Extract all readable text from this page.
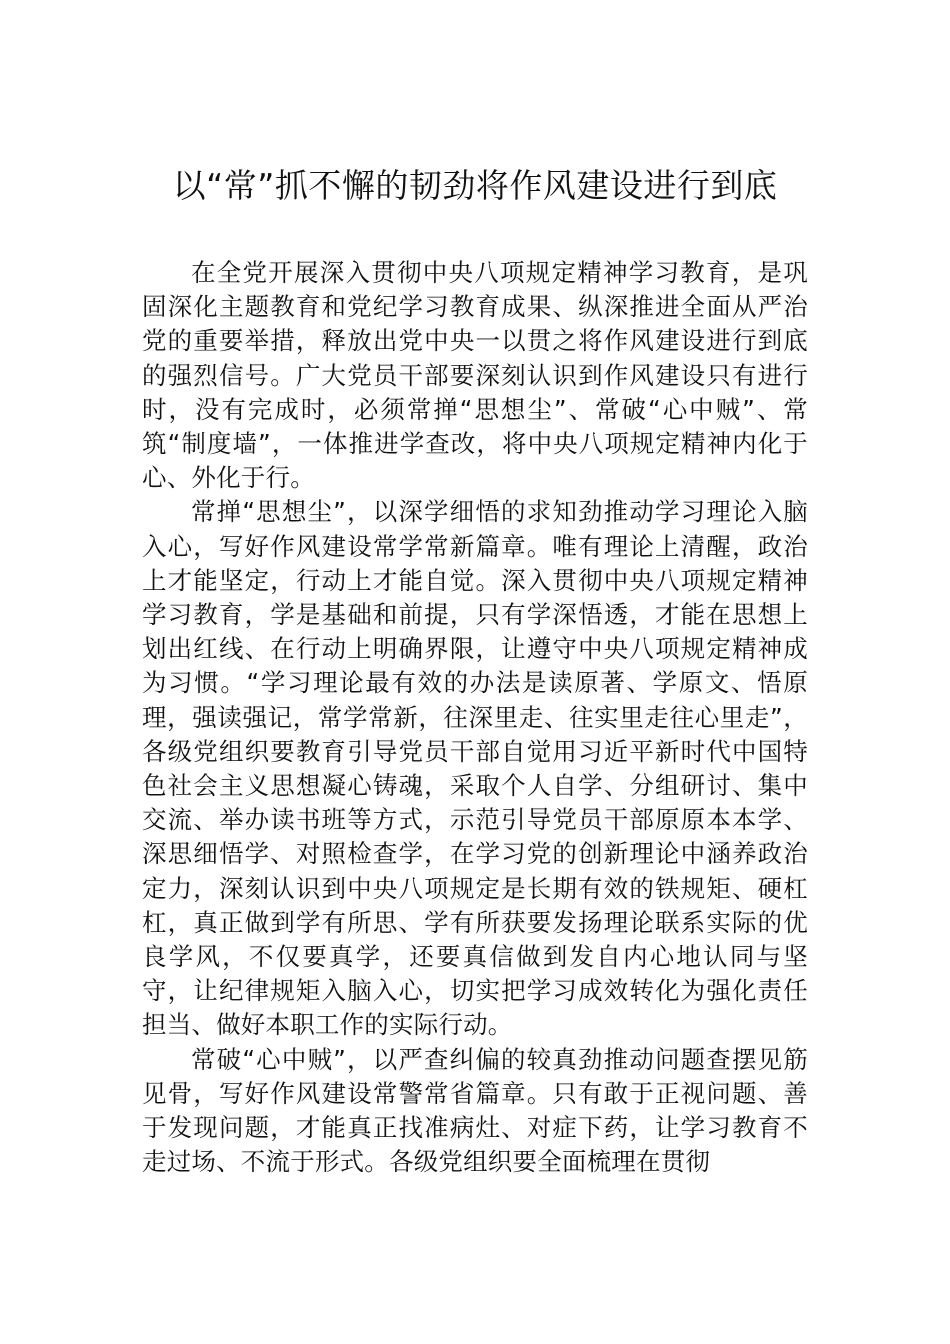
以“常”抓不懈的韧劲将作风建设进行到底

在全党开展深入贯彻中央八项规定精神学习教育，是巩固深化主题教育和党纪学习教育成果、纵深推进全面从严治党的重要举措，释放出党中央一以贯之将作风建设进行到底的强烈信号。广大党员干部要深刻认识到作风建设只有进行时，没有完成时，必须常掸“思想尘”、常破“心中贼”、常筑“制度墙”，一体推进学查改，将中央八项规定精神内化于心、外化于行。

常掸“思想尘”，以深学细悟的求知劲推动学习理论入脑入心，写好作风建设常学常新篇章。唯有理论上清醒，政治上才能坚定，行动上才能自觉。深入贯彻中央八项规定精神学习教育，学是基础和前提，只有学深悟透，才能在思想上划出红线、在行动上明确界限，让遵守中央八项规定精神成为习惯。“学习理论最有效的办法是读原著、学原文、悟原理，强读强记，常学常新，往深里走、往实里走往心里走”，各级党组织要教育引导党员干部自觉用习近平新时代中国特色社会主义思想凝心铸魂，采取个人自学、分组研讨、集中交流、举办读书班等方式，示范引导党员干部原原本本学、深思细悟学、对照检查学，在学习党的创新理论中涵养政治定力，深刻认识到中央八项规定是长期有效的铁规矩、硬杠杠，真正做到学有所思、学有所获要发扬理论联系实际的优良学风，不仅要真学，还要真信做到发自内心地认同与坚守，让纪律规矩入脑入心，切实把学习成效转化为强化责任担当、做好本职工作的实际行动。

常破“心中贼”，以严查纠偏的较真劲推动问题查摆见筋见骨，写好作风建设常警常省篇章。只有敢于正视问题、善于发现问题，才能真正找准病灶、对症下药，让学习教育不走过场、不流于形式。各级党组织要全面梳理在贯彻
